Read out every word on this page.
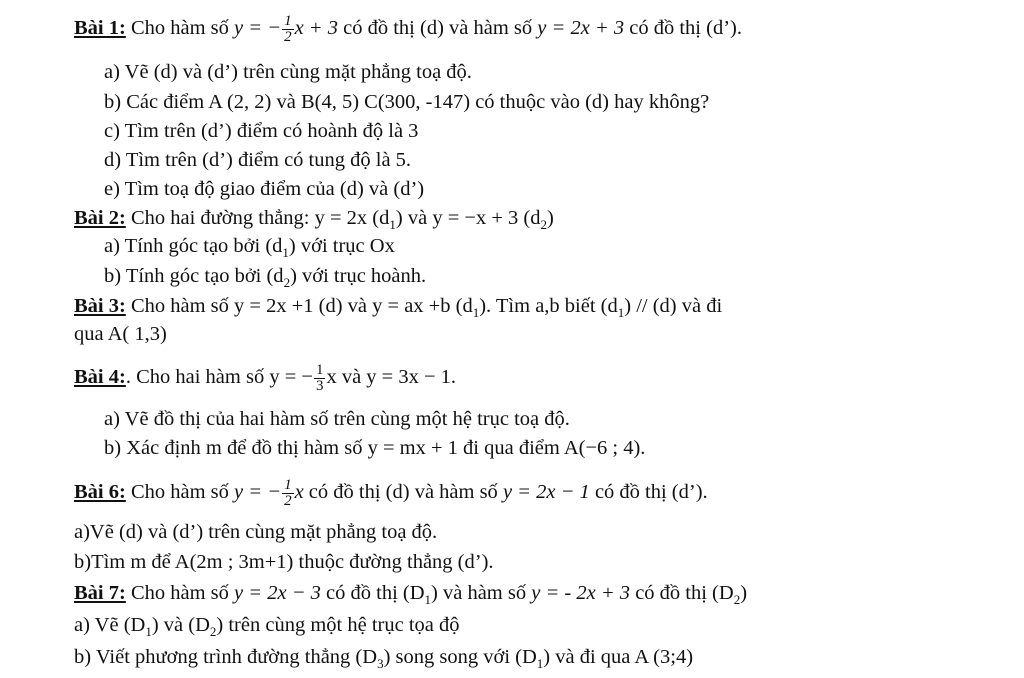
Bài 1: Cho hàm số y = − $\frac{1}{2}$ x + 3 có đồ thị (d) và hàm số y = 2x + 3 có đồ thị (d’).
a) Vẽ (d) và (d’) trên cùng mặt phẳng toạ độ.
b) Các điểm A (2, 2) và B(4, 5) C(300, -147) có thuộc vào (d) hay không?
c) Tìm trên (d’) điểm có hoành độ là 3
d) Tìm trên (d’) điểm có tung độ là 5.
e) Tìm toạ độ giao điểm của (d) và (d’)
Bài 2: Cho hai đường thẳng: y = 2x $(d_1)$ và y = −x + 3 $(d_2)$
a) Tính góc tạo bởi $(d_1)$ với trục Ox
b) Tính góc tạo bởi $(d_2)$ với trục hoành.
Bài 3: Cho hàm số y = 2x +1 (d) và y = ax +b $(d_1)$. Tìm a,b biết $(d_1) // (d)$ và đi
qua A( 1,3)
Bài 4:. Cho hai hàm số y = − $\frac{1}{3}$ x và y = 3x − 1.
a) Vẽ đồ thị của hai hàm số trên cùng một hệ trục toạ độ.
b) Xác định m để đồ thị hàm số y = mx + 1 đi qua điểm A(−6 ; 4).
Bài 6: Cho hàm số y = − $\frac{1}{2}$ x có đồ thị (d) và hàm số y = 2x − 1 có đồ thị (d’).
a)Vẽ (d) và (d’) trên cùng mặt phẳng toạ độ.
b)Tìm m để A(2m ; 3m+1) thuộc đường thẳng (d’).
Bài 7: Cho hàm số y = 2x − 3 có đồ thị $(D_1)$ và hàm số y = - 2x + 3 có đồ thị $(D_2)$
a) Vẽ $(D_1)$ và $(D_2)$ trên cùng một hệ trục tọa độ
b) Viết phương trình đường thẳng $(D_3)$ song song với $(D_1)$ và đi qua A (3;4)
